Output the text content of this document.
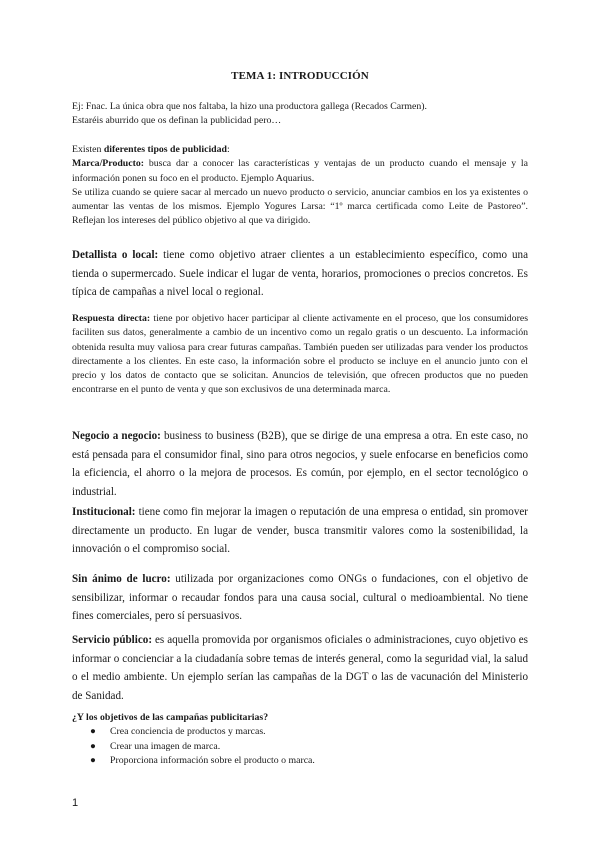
TEMA 1: INTRODUCCIÓN

Ej: Fnac. La única obra que nos faltaba, la hizo una productora gallega (Recados Carmen).

Estaréis aburrido que os definan la publicidad pero…

Existen diferentes tipos de publicidad:

Marca/Producto: busca dar a conocer las características y ventajas de un producto cuando el mensaje y la información ponen su foco en el producto. Ejemplo Aquarius.

Se utiliza cuando se quiere sacar al mercado un nuevo producto o servicio, anunciar cambios en los ya existentes o aumentar las ventas de los mismos. Ejemplo Yogures Larsa: “1º marca certificada como Leite de Pastoreo”. Reflejan los intereses del público objetivo al que va dirigido.

Detallista o local: tiene como objetivo atraer clientes a un establecimiento específico, como una tienda o supermercado. Suele indicar el lugar de venta, horarios, promociones o precios concretos. Es típica de campañas a nivel local o regional.

Respuesta directa: tiene por objetivo hacer participar al cliente activamente en el proceso, que los consumidores faciliten sus datos, generalmente a cambio de un incentivo como un regalo gratis o un descuento. La información obtenida resulta muy valiosa para crear futuras campañas. También pueden ser utilizadas para vender los productos directamente a los clientes. En este caso, la información sobre el producto se incluye en el anuncio junto con el precio y los datos de contacto que se solicitan. Anuncios de televisión, que ofrecen productos que no pueden encontrarse en el punto de venta y que son exclusivos de una determinada marca.

Negocio a negocio: business to business (B2B), que se dirige de una empresa a otra. En este caso, no está pensada para el consumidor final, sino para otros negocios, y suele enfocarse en beneficios como la eficiencia, el ahorro o la mejora de procesos. Es común, por ejemplo, en el sector tecnológico o industrial.

Institucional: tiene como fin mejorar la imagen o reputación de una empresa o entidad, sin promover directamente un producto. En lugar de vender, busca transmitir valores como la sostenibilidad, la innovación o el compromiso social.

Sin ánimo de lucro: utilizada por organizaciones como ONGs o fundaciones, con el objetivo de sensibilizar, informar o recaudar fondos para una causa social, cultural o medioambiental. No tiene fines comerciales, pero sí persuasivos.

Servicio público: es aquella promovida por organismos oficiales o administraciones, cuyo objetivo es informar o concienciar a la ciudadanía sobre temas de interés general, como la seguridad vial, la salud o el medio ambiente. Un ejemplo serían las campañas de la DGT o las de vacunación del Ministerio de Sanidad.

¿Y los objetivos de las campañas publicitarias?

● Crea conciencia de productos y marcas.
● Crear una imagen de marca.
● Proporciona información sobre el producto o marca.
1
